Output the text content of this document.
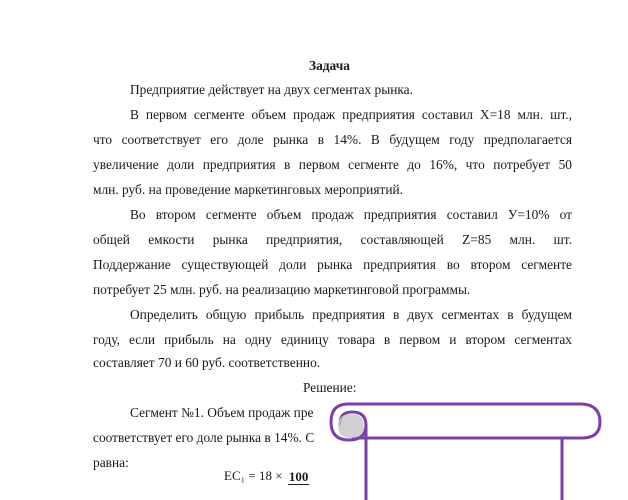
Задача
Предприятие действует на двух сегментах рынка.
В первом сегменте объем продаж предприятия составил Х=18 млн. шт.,
что соответствует его доле рынка в 14%. В будущем году предполагается
увеличение доли предприятия в первом сегменте до 16%, что потребует 50
млн. руб. на проведение маркетинговых мероприятий.
Во втором сегменте объем продаж предприятия составил У=10% от
общей емкости рынка предприятия, составляющей Z=85 млн. шт.
Поддержание существующей доли рынка предприятия во втором сегменте
потребует 25 млн. руб. на реализацию маркетинговой программы.
Определить общую прибыль предприятия в двух сегментах в будущем
году, если прибыль на одну единицу товара в первом и втором сегментах
составляет 70 и 60 руб. соответственно.
Решение:
Сегмент №1. Объем продаж пре
соответствует его доле рынка в 14%. С
равна:
ЕС₁ = 18 × 100
